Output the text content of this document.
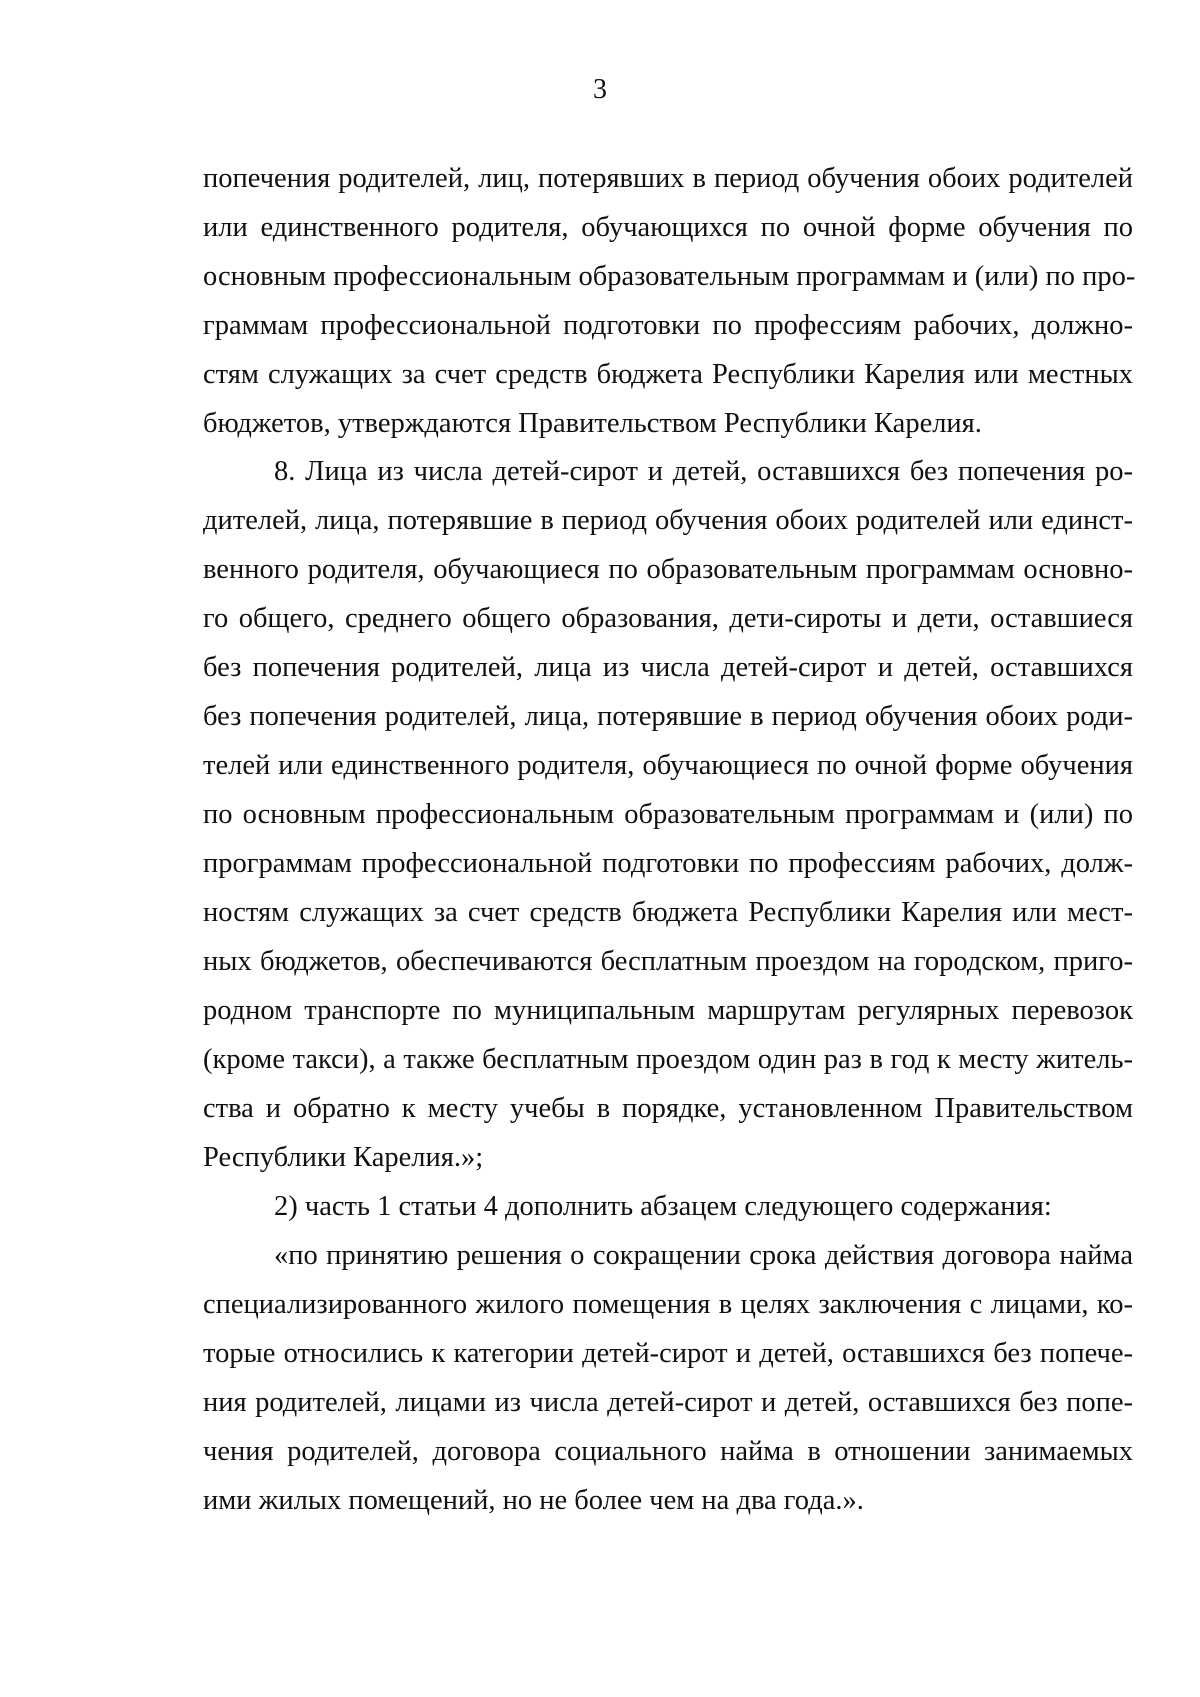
3
попечения родителей, лиц, потерявших в период обучения обоих родителей
или единственного родителя, обучающихся по очной форме обучения по
основным профессиональным образовательным программам и (или) по про-
граммам профессиональной подготовки по профессиям рабочих, должно-
стям служащих за счет средств бюджета Республики Карелия или местных
бюджетов, утверждаются Правительством Республики Карелия.
8. Лица из числа детей-сирот и детей, оставшихся без попечения ро-
дителей, лица, потерявшие в период обучения обоих родителей или единст-
венного родителя, обучающиеся по образовательным программам основно-
го общего, среднего общего образования, дети-сироты и дети, оставшиеся
без попечения родителей, лица из числа детей-сирот и детей, оставшихся
без попечения родителей, лица, потерявшие в период обучения обоих роди-
телей или единственного родителя, обучающиеся по очной форме обучения
по основным профессиональным образовательным программам и (или) по
программам профессиональной подготовки по профессиям рабочих, долж-
ностям служащих за счет средств бюджета Республики Карелия или мест-
ных бюджетов, обеспечиваются бесплатным проездом на городском, приго-
родном транспорте по муниципальным маршрутам регулярных перевозок
(кроме такси), а также бесплатным проездом один раз в год к месту житель-
ства и обратно к месту учебы в порядке, установленном Правительством
Республики Карелия.»;
2) часть 1 статьи 4 дополнить абзацем следующего содержания:
«по принятию решения о сокращении срока действия договора найма
специализированного жилого помещения в целях заключения с лицами, ко-
торые относились к категории детей-сирот и детей, оставшихся без попече-
ния родителей, лицами из числа детей-сирот и детей, оставшихся без попе-
чения родителей, договора социального найма в отношении занимаемых
ими жилых помещений, но не более чем на два года.».
